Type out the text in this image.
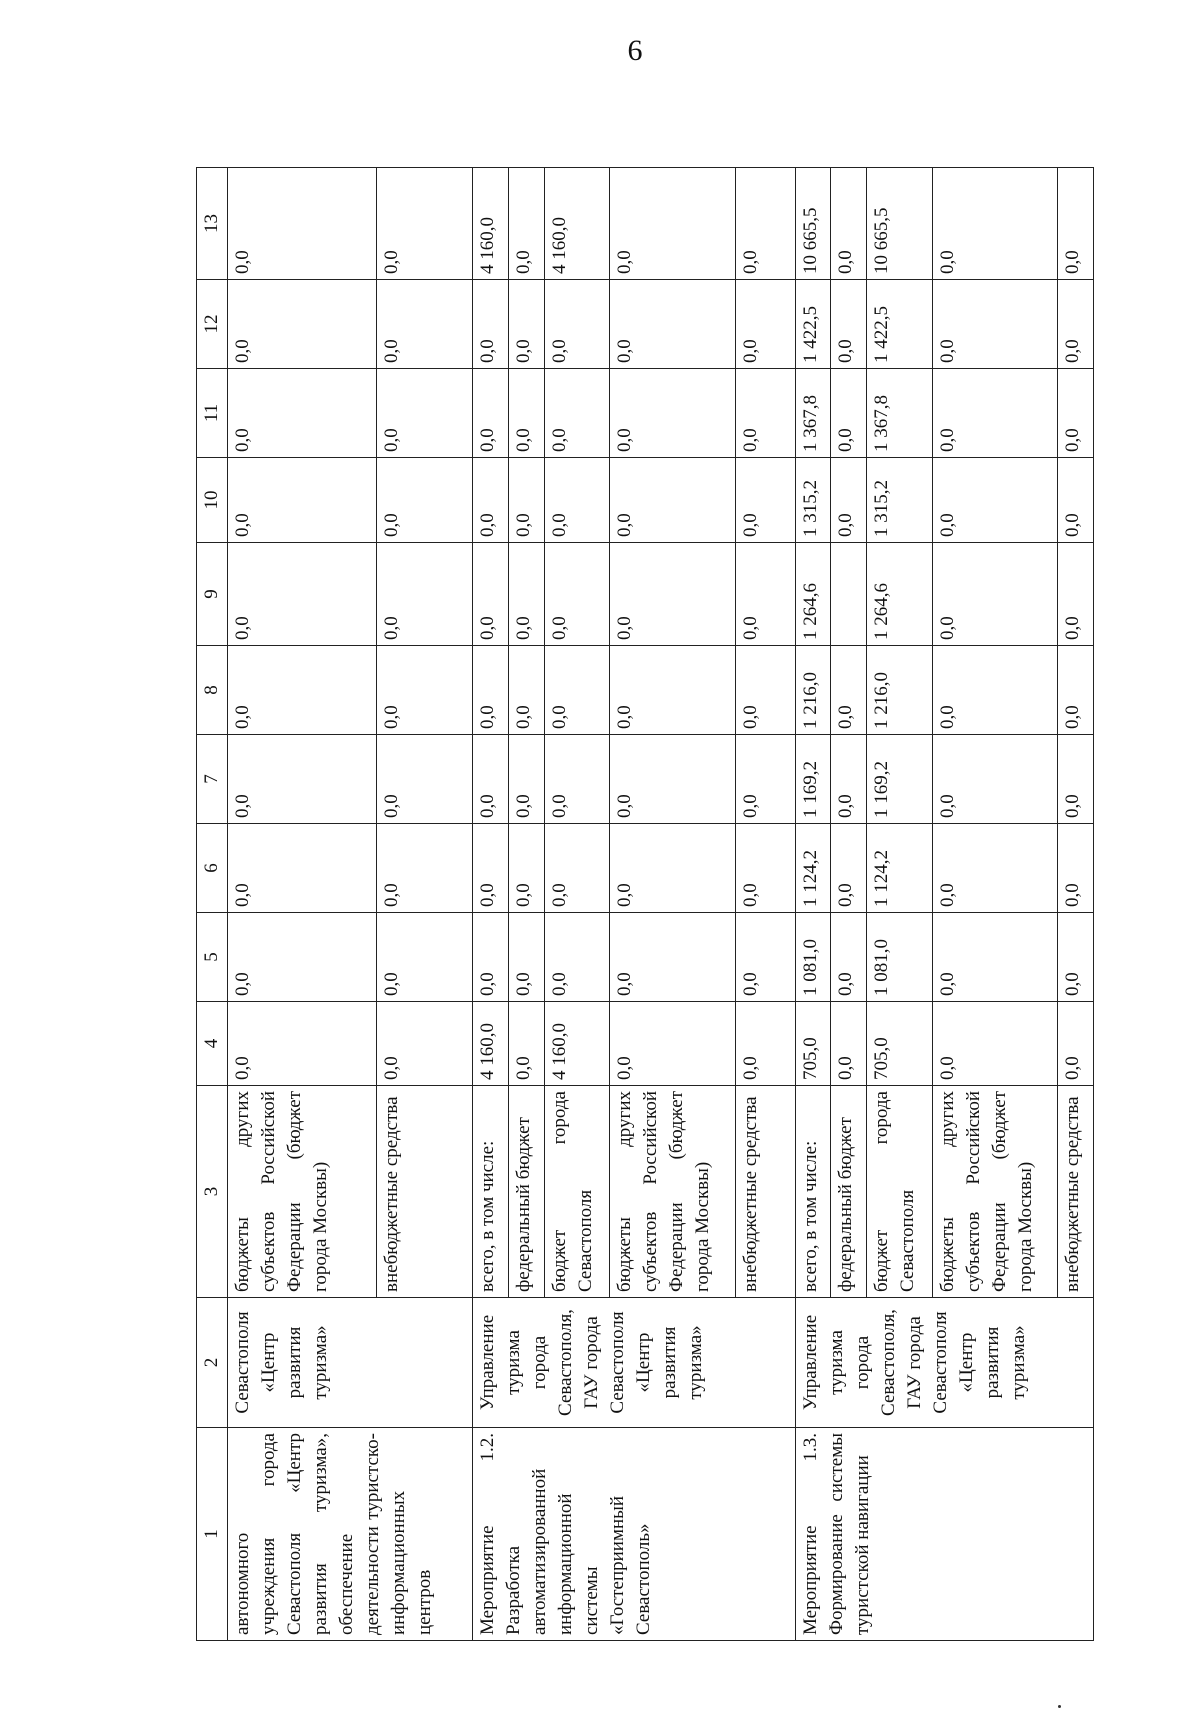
6
1	2	3	4	5	6	7	8	9	10	11	12	13
автономного учреждения города Севастополя «Центр развития туризма», обеспечение деятельности туристско-информационных центров	Севастополя «Центр развития туризма»	бюджеты других субъектов Российской Федерации (бюджет города Москвы)	0,0	0,0	0,0	0,0	0,0	0,0	0,0	0,0	0,0	0,0
		внебюджетные средства	0,0	0,0	0,0	0,0	0,0	0,0	0,0	0,0	0,0	0,0
Мероприятие 1.2. Разработка автоматизированной информационной системы «Гостеприимный Севастополь»	Управление туризма города Севастополя, ГАУ города Севастополя «Центр развития туризма»	всего, в том числе:	4 160,0	0,0	0,0	0,0	0,0	0,0	0,0	0,0	0,0	4 160,0
		федеральный бюджет	0,0	0,0	0,0	0,0	0,0	0,0	0,0	0,0	0,0	0,0
		бюджет города Севастополя	4 160,0	0,0	0,0	0,0	0,0	0,0	0,0	0,0	0,0	4 160,0
		бюджеты других субъектов Российской Федерации (бюджет города Москвы)	0,0	0,0	0,0	0,0	0,0	0,0	0,0	0,0	0,0	0,0
		внебюджетные средства	0,0	0,0	0,0	0,0	0,0	0,0	0,0	0,0	0,0	0,0
Мероприятие 1.3. Формирование системы туристской навигации	Управление туризма города Севастополя, ГАУ города Севастополя «Центр развития туризма»	всего, в том числе:	705,0	1 081,0	1 124,2	1 169,2	1 216,0	1 264,6	1 315,2	1 367,8	1 422,5	10 665,5
		федеральный бюджет	0,0	0,0	0,0	0,0	0,0		0,0	0,0	0,0	0,0
		бюджет города Севастополя	705,0	1 081,0	1 124,2	1 169,2	1 216,0	1 264,6	1 315,2	1 367,8	1 422,5	10 665,5
		бюджеты других субъектов Российской Федерации (бюджет города Москвы)	0,0	0,0	0,0	0,0	0,0	0,0	0,0	0,0	0,0	0,0
		внебюджетные средства	0,0	0,0	0,0	0,0	0,0	0,0	0,0	0,0	0,0	0,0
